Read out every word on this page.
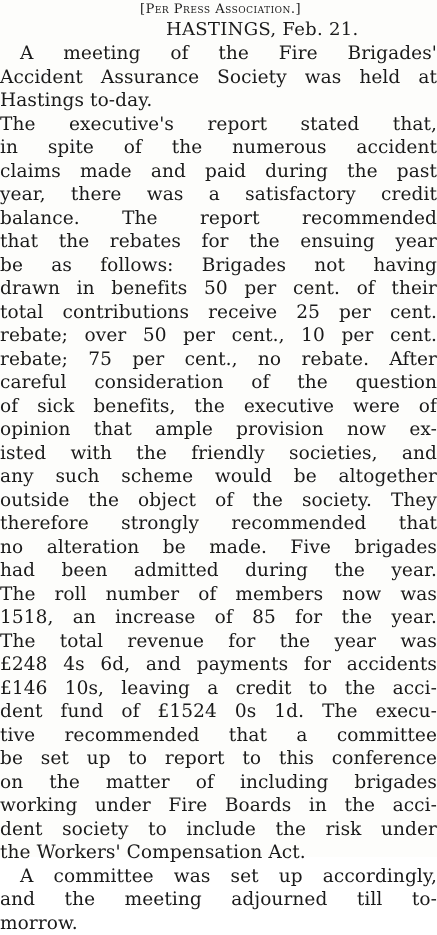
[Per Press Association.]
HASTINGS, Feb. 21.
A meeting of the Fire Brigades'
Accident Assurance Society was held at
Hastings to-day.
The executive's report stated that,
in spite of the numerous accident
claims made and paid during the past
year, there was a satisfactory credit
balance. The report recommended
that the rebates for the ensuing year
be as follows: Brigades not having
drawn in benefits 50 per cent. of their
total contributions receive 25 per cent.
rebate; over 50 per cent., 10 per cent.
rebate; 75 per cent., no rebate. After
careful consideration of the question
of sick benefits, the executive were of
opinion that ample provision now ex-
isted with the friendly societies, and
any such scheme would be altogether
outside the object of the society. They
therefore strongly recommended that
no alteration be made. Five brigades
had been admitted during the year.
The roll number of members now was
1518, an increase of 85 for the year.
The total revenue for the year was
£248 4s 6d, and payments for accidents
£146 10s, leaving a credit to the acci-
dent fund of £1524 0s 1d. The execu-
tive recommended that a committee
be set up to report to this conference
on the matter of including brigades
working under Fire Boards in the acci-
dent society to include the risk under
the Workers' Compensation Act.
A committee was set up accordingly,
and the meeting adjourned till to-
morrow.
